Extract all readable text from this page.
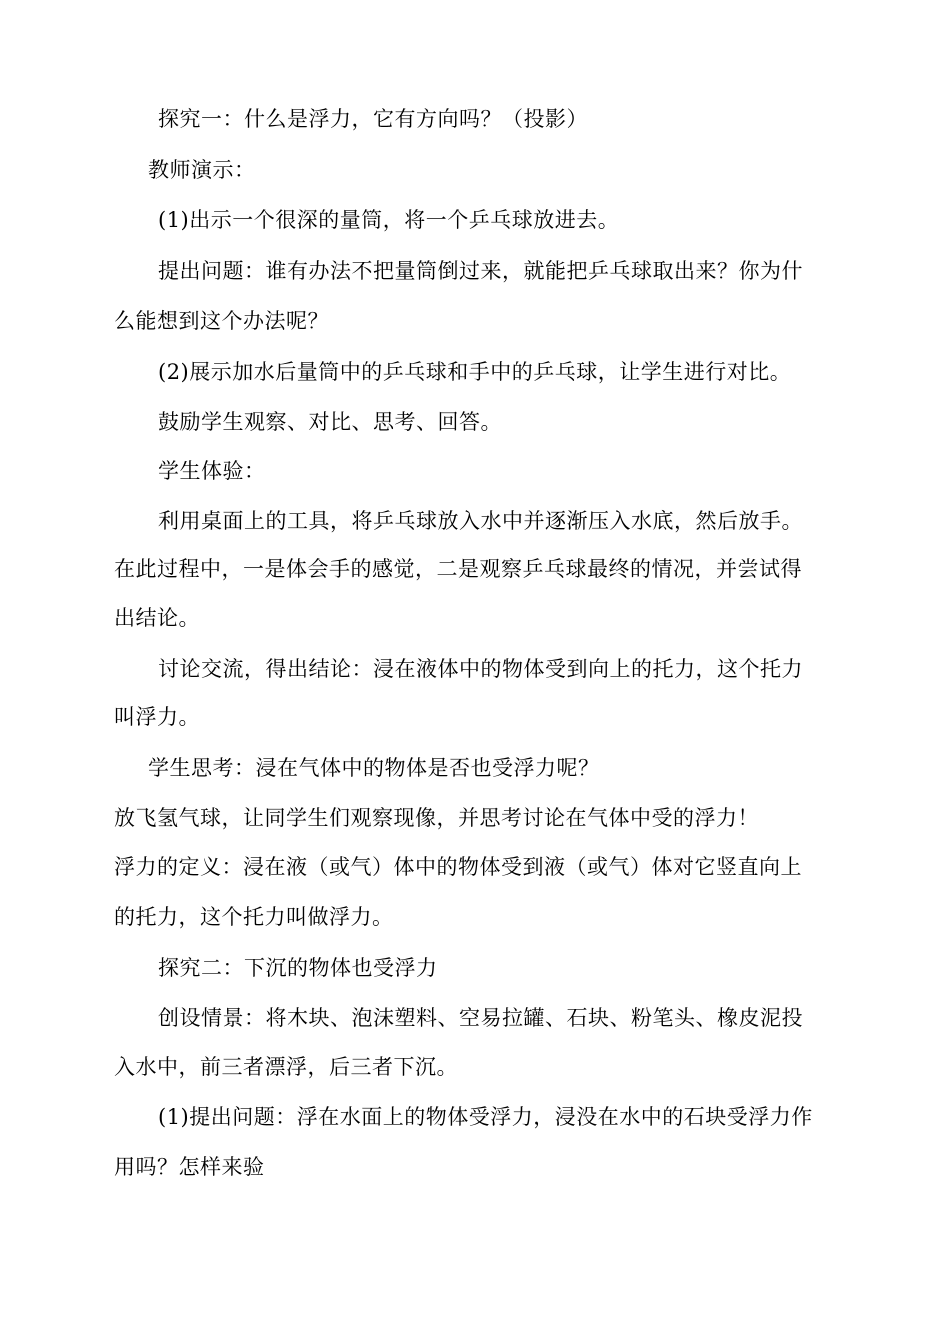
探究一：什么是浮力，它有方向吗？（投影）
教师演示：
(1)出示一个很深的量筒，将一个乒乓球放进去。
提出问题：谁有办法不把量筒倒过来，就能把乒乓球取出来？你为什
么能想到这个办法呢？
(2)展示加水后量筒中的乒乓球和手中的乒乓球，让学生进行对比。
鼓励学生观察、对比、思考、回答。
学生体验：
利用桌面上的工具，将乒乓球放入水中并逐渐压入水底，然后放手。
在此过程中，一是体会手的感觉，二是观察乒乓球最终的情况，并尝试得
出结论。
讨论交流，得出结论：浸在液体中的物体受到向上的托力，这个托力
叫浮力。
学生思考：浸在气体中的物体是否也受浮力呢？
放飞氢气球，让同学生们观察现像，并思考讨论在气体中受的浮力！
浮力的定义：浸在液（或气）体中的物体受到液（或气）体对它竖直向上
的托力，这个托力叫做浮力。
探究二：下沉的物体也受浮力
创设情景：将木块、泡沫塑料、空易拉罐、石块、粉笔头、橡皮泥投
入水中，前三者漂浮，后三者下沉。
(1)提出问题：浮在水面上的物体受浮力，浸没在水中的石块受浮力作
用吗？怎样来验
